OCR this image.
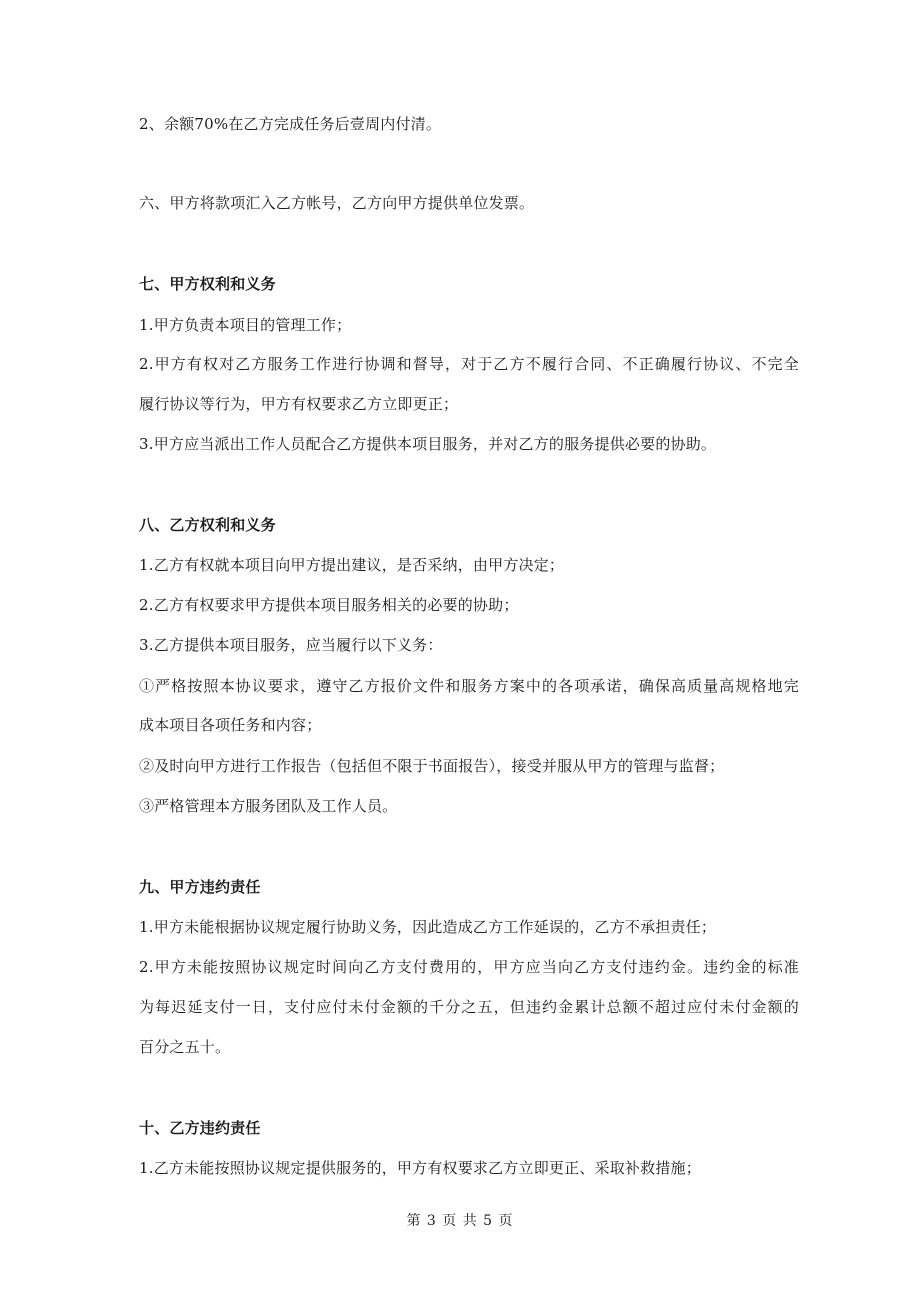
2、余额70%在乙方完成任务后壹周内付清。
六、甲方将款项汇入乙方帐号，乙方向甲方提供单位发票。
七、甲方权利和义务
1.甲方负责本项目的管理工作；
2.甲方有权对乙方服务工作进行协调和督导，对于乙方不履行合同、不正确履行协议、不完全
履行协议等行为，甲方有权要求乙方立即更正；
3.甲方应当派出工作人员配合乙方提供本项目服务，并对乙方的服务提供必要的协助。
八、乙方权利和义务
1.乙方有权就本项目向甲方提出建议，是否采纳，由甲方决定；
2.乙方有权要求甲方提供本项目服务相关的必要的协助；
3.乙方提供本项目服务，应当履行以下义务：
①严格按照本协议要求，遵守乙方报价文件和服务方案中的各项承诺，确保高质量高规格地完
成本项目各项任务和内容；
②及时向甲方进行工作报告（包括但不限于书面报告），接受并服从甲方的管理与监督；
③严格管理本方服务团队及工作人员。
九、甲方违约责任
1.甲方未能根据协议规定履行协助义务，因此造成乙方工作延误的，乙方不承担责任；
2.甲方未能按照协议规定时间向乙方支付费用的，甲方应当向乙方支付违约金。违约金的标准
为每迟延支付一日，支付应付未付金额的千分之五，但违约金累计总额不超过应付未付金额的
百分之五十。
十、乙方违约责任
1.乙方未能按照协议规定提供服务的，甲方有权要求乙方立即更正、采取补救措施；
第 3 页 共 5 页
